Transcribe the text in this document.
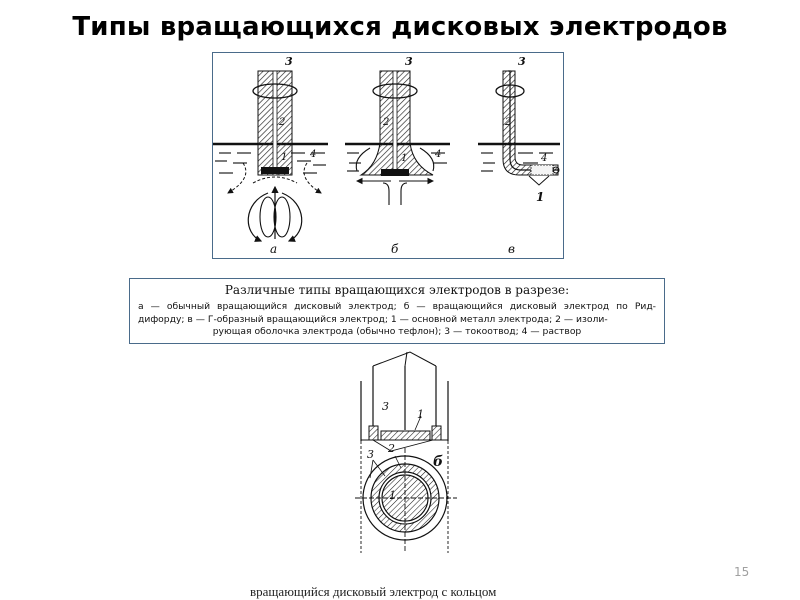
Типы вращающихся дисковых электродов
3
2
1 4
а
3
2
1	4
б
3
2
4
1
в
Различные типы вращающихся электродов в разрезе:
а — обычный вращающийся дисковый электрод; б — вращающийся дисковый электрод по Рид- дифорду; в — Г-образный вращающийся электрод; 1 — основной металл электрода; 2 — изоли-
рующая оболочка электрода (обычно тефлон); 3 — токоотвод; 4 — раствор
3
1
2
3
1
б
15
вращающийся дисковый электрод с кольцом
